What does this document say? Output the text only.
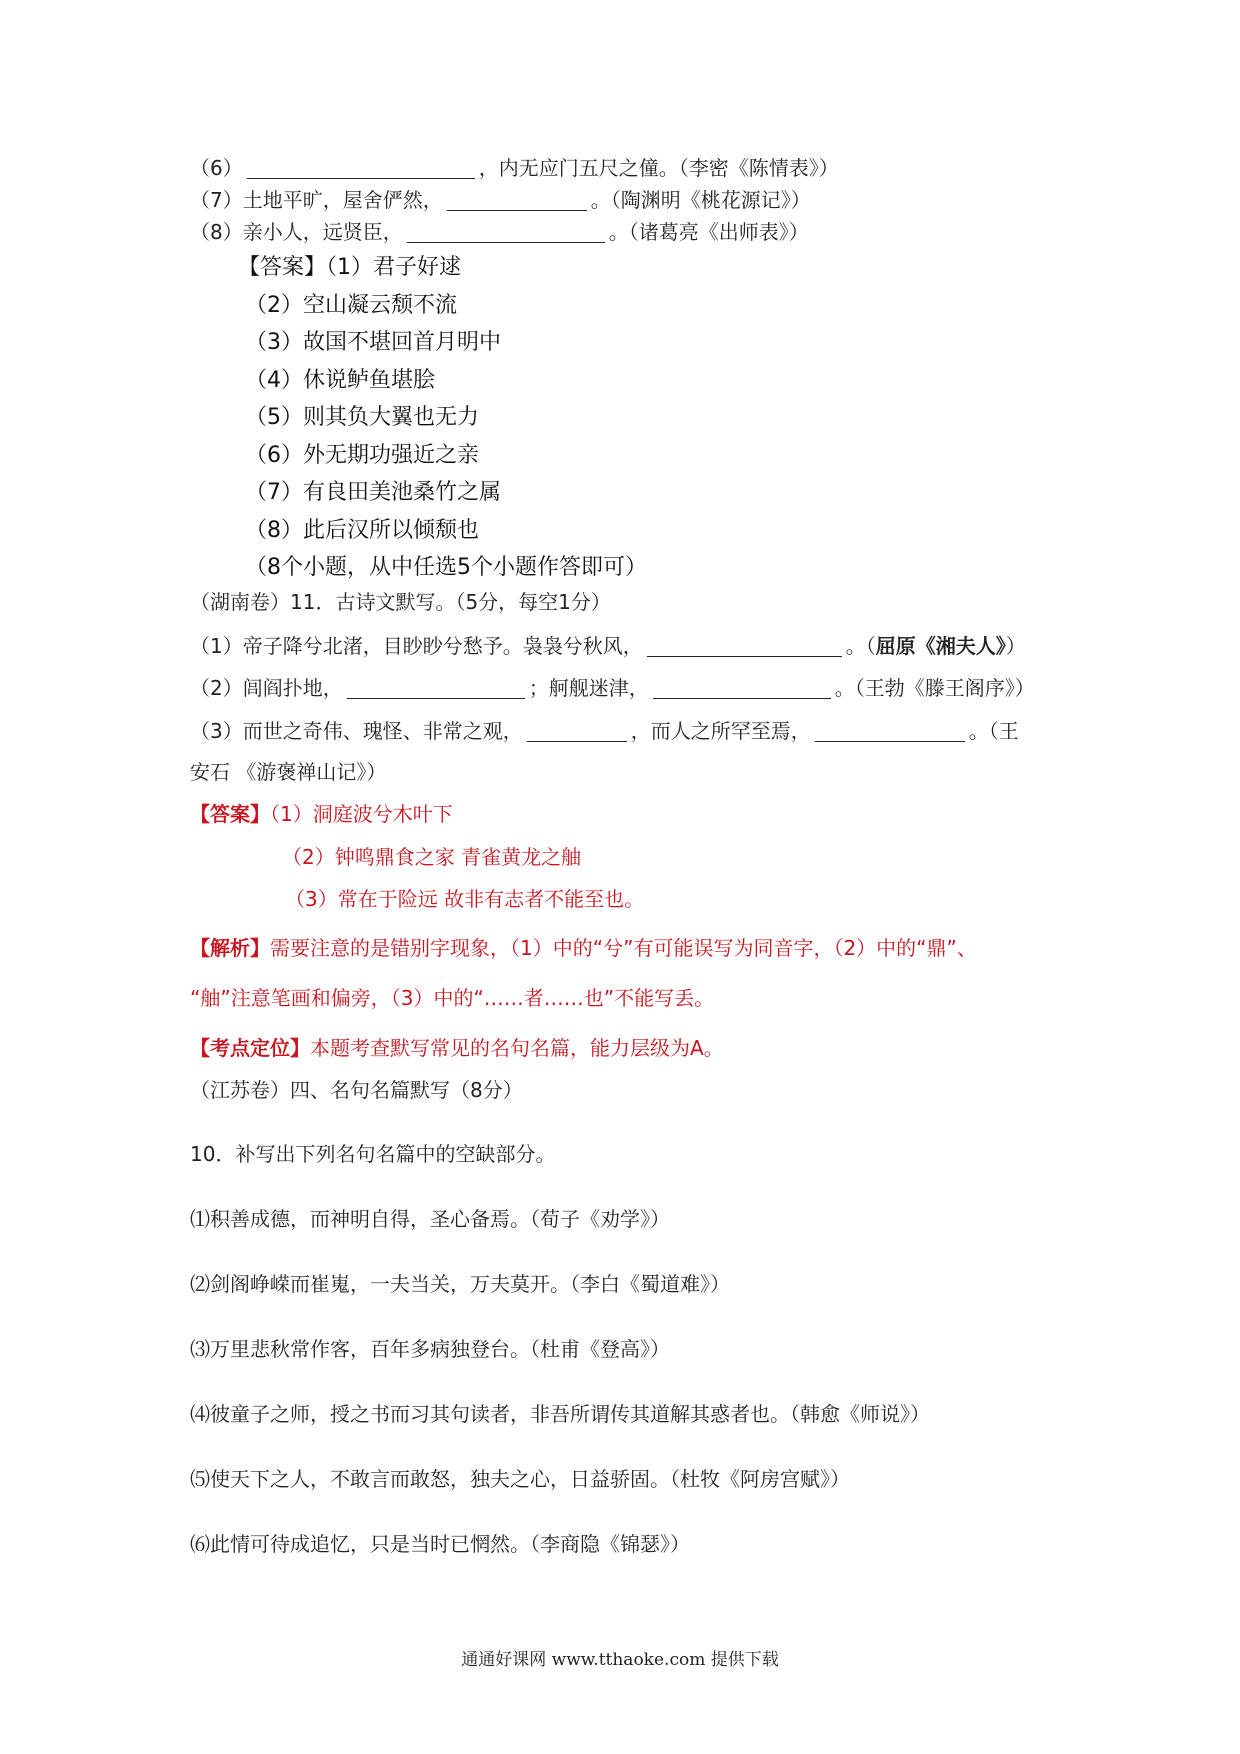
（6）	，内无应门五尺之僮。（李密《陈情表》）
（7）土地平旷，屋舍俨然，	。（陶渊明《桃花源记》）
（8）亲小人，远贤臣，	。（诸葛亮《出师表》）
【答案】（1）君子好逑
（2）空山凝云颓不流
（3）故国不堪回首月明中
（4）休说鲈鱼堪脍
（5）则其负大翼也无力
（6）外无期功强近之亲
（7）有良田美池桑竹之属
（8）此后汉所以倾颓也
（8个小题，从中任选5个小题作答即可）
（湖南卷）11．古诗文默写。（5分，每空1分）
（1）帝子降兮北渚，目眇眇兮愁予。袅袅兮秋风，	。（屈原《湘夫人》）
（2）闾阎扑地，	；舸舰迷津，	。（王勃《滕王阁序》）
（3）而世之奇伟、瑰怪、非常之观，	，而人之所罕至焉，	。（王
安石 《游褒禅山记》）
【答案】（1）洞庭波兮木叶下
（2）钟鸣鼎食之家 青雀黄龙之舳
（3）常在于险远 故非有志者不能至也。
【解析】需要注意的是错别字现象，（1）中的“兮”有可能误写为同音字，（2）中的“鼎”、
“舳”注意笔画和偏旁，（3）中的“……者……也”不能写丢。
【考点定位】本题考查默写常见的名句名篇，能力层级为A。
（江苏卷）四、名句名篇默写（8分）
10．补写出下列名句名篇中的空缺部分。
⑴积善成德，而神明自得，圣心备焉。（荀子《劝学》）
⑵剑阁峥嵘而崔嵬，一夫当关，万夫莫开。（李白《蜀道难》）
⑶万里悲秋常作客，百年多病独登台。（杜甫《登高》）
⑷彼童子之师，授之书而习其句读者，非吾所谓传其道解其惑者也。（韩愈《师说》）
⑸使天下之人，不敢言而敢怒，独夫之心，日益骄固。（杜牧《阿房宫赋》）
⑹此情可待成追忆，只是当时已惘然。（李商隐《锦瑟》）
通通好课网 www.tthaoke.com 提供下载
